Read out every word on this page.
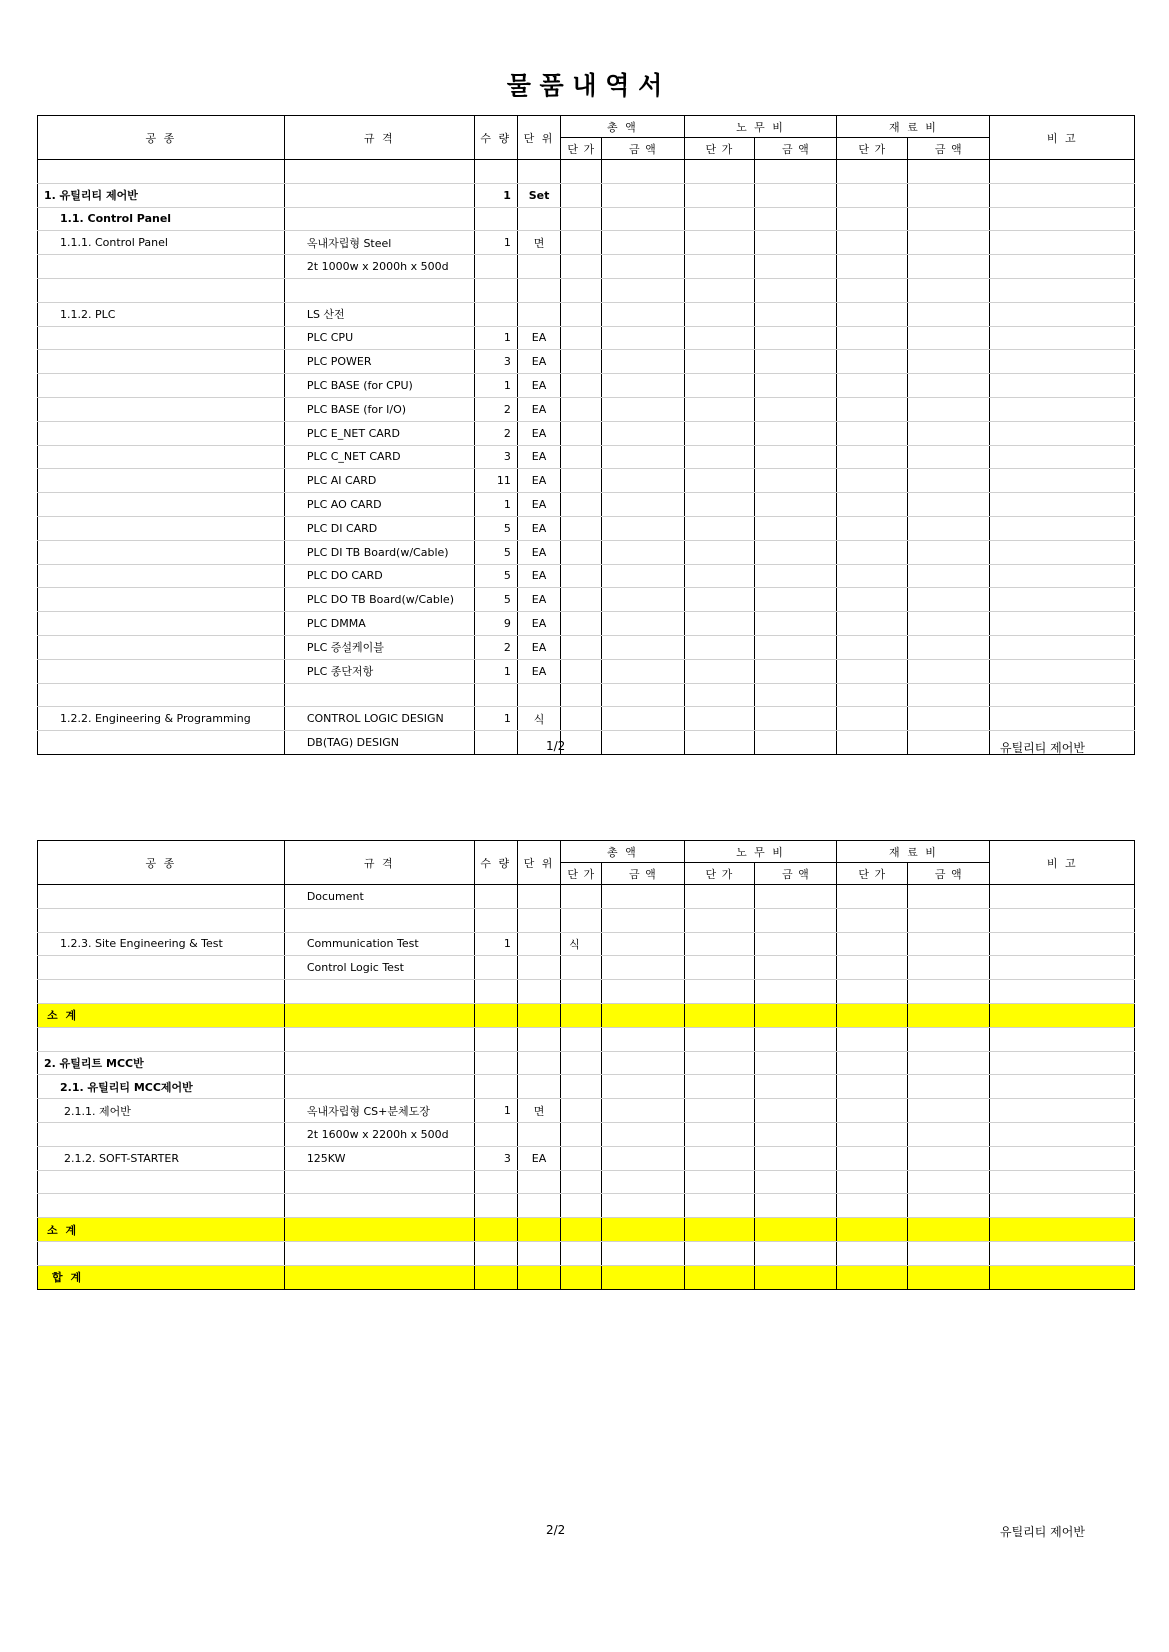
물 품 내 역 서
공 종	규 격	수 량	단 위	총 액		노 무 비		재 료 비		비 고
				단 가	금 액	단 가	금 액	단 가	금 액	

1. 유틸리티 제어반		1	Set							
1.1. Control Panel										
1.1.1. Control Panel	옥내자립형 Steel	1	면							
	2t 1000w x 2000h x 500d									

1.1.2. PLC	LS 산전									
	PLC CPU	1	EA							
	PLC POWER	3	EA							
	PLC BASE (for CPU)	1	EA							
	PLC BASE (for I/O)	2	EA							
	PLC E_NET CARD	2	EA							
	PLC C_NET CARD	3	EA							
	PLC AI CARD	11	EA							
	PLC AO CARD	1	EA							
	PLC DI CARD	5	EA							
	PLC DI TB Board(w/Cable)	5	EA							
	PLC DO CARD	5	EA							
	PLC DO TB Board(w/Cable)	5	EA							
	PLC DMMA	9	EA							
	PLC 증설케이블	2	EA							
	PLC 종단저항	1	EA							

1.2.2. Engineering & Programming	CONTROL LOGIC DESIGN	1	식							
	DB(TAG) DESIGN										1/2	유틸리티 제어반
공 종	규 격	수 량	단 위	총 액		노 무 비		재 료 비		비 고
				단 가	금 액	단 가	금 액	단 가	금 액	
	Document									

1.2.3. Site Engineering & Test	Communication Test	1		식						
	Control Logic Test									

소 계										

2. 유틸리트 MCC반										
2.1. 유틸리티 MCC제어반										
2.1.1. 제어반	옥내자립형 CS+분체도장	1	면							
	2t 1600w x 2200h x 500d									
2.1.2. SOFT-STARTER	125KW	3	EA							

소 계										

합 계										
2/2	유틸리티 제어반
